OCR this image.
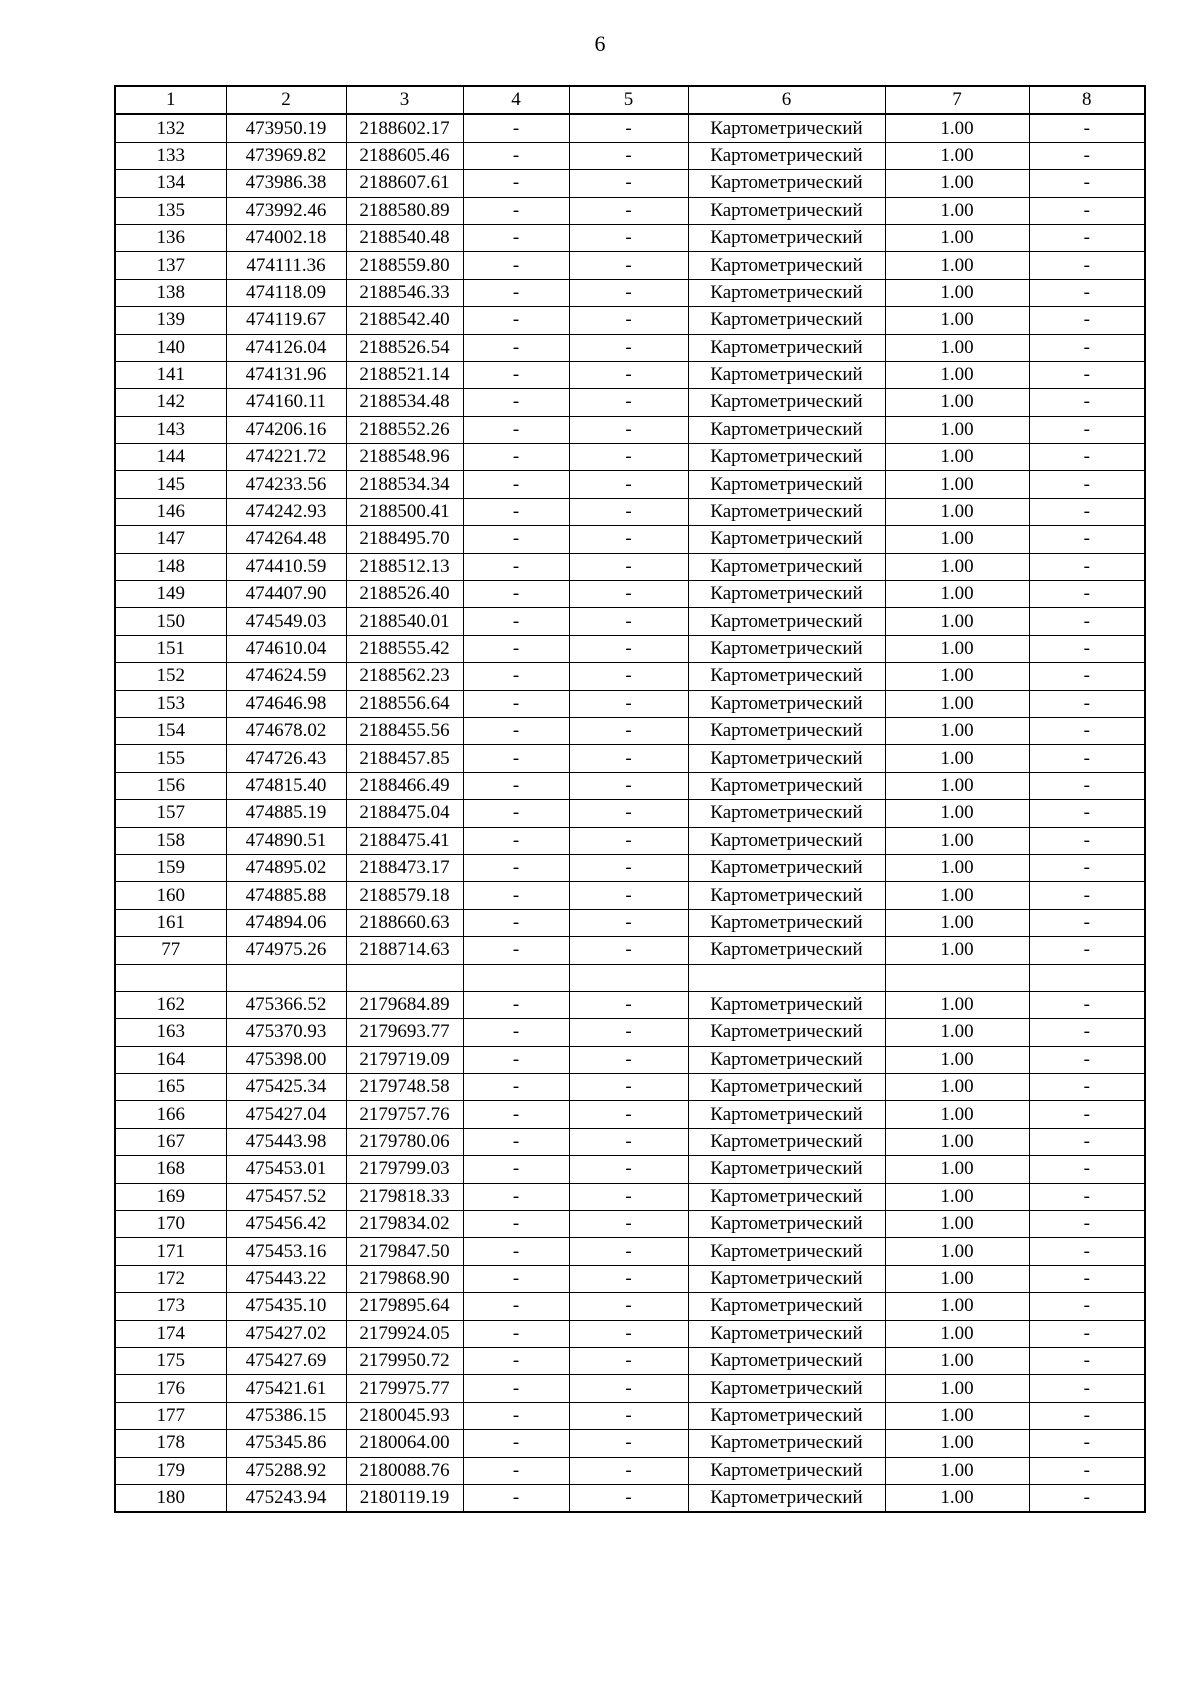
6
1	2	3	4	5	6	7	8
132	473950.19	2188602.17	-	-	Картометрический	1.00	-
133	473969.82	2188605.46	-	-	Картометрический	1.00	-
134	473986.38	2188607.61	-	-	Картометрический	1.00	-
135	473992.46	2188580.89	-	-	Картометрический	1.00	-
136	474002.18	2188540.48	-	-	Картометрический	1.00	-
137	474111.36	2188559.80	-	-	Картометрический	1.00	-
138	474118.09	2188546.33	-	-	Картометрический	1.00	-
139	474119.67	2188542.40	-	-	Картометрический	1.00	-
140	474126.04	2188526.54	-	-	Картометрический	1.00	-
141	474131.96	2188521.14	-	-	Картометрический	1.00	-
142	474160.11	2188534.48	-	-	Картометрический	1.00	-
143	474206.16	2188552.26	-	-	Картометрический	1.00	-
144	474221.72	2188548.96	-	-	Картометрический	1.00	-
145	474233.56	2188534.34	-	-	Картометрический	1.00	-
146	474242.93	2188500.41	-	-	Картометрический	1.00	-
147	474264.48	2188495.70	-	-	Картометрический	1.00	-
148	474410.59	2188512.13	-	-	Картометрический	1.00	-
149	474407.90	2188526.40	-	-	Картометрический	1.00	-
150	474549.03	2188540.01	-	-	Картометрический	1.00	-
151	474610.04	2188555.42	-	-	Картометрический	1.00	-
152	474624.59	2188562.23	-	-	Картометрический	1.00	-
153	474646.98	2188556.64	-	-	Картометрический	1.00	-
154	474678.02	2188455.56	-	-	Картометрический	1.00	-
155	474726.43	2188457.85	-	-	Картометрический	1.00	-
156	474815.40	2188466.49	-	-	Картометрический	1.00	-
157	474885.19	2188475.04	-	-	Картометрический	1.00	-
158	474890.51	2188475.41	-	-	Картометрический	1.00	-
159	474895.02	2188473.17	-	-	Картометрический	1.00	-
160	474885.88	2188579.18	-	-	Картометрический	1.00	-
161	474894.06	2188660.63	-	-	Картометрический	1.00	-
77	474975.26	2188714.63	-	-	Картометрический	1.00	-

162	475366.52	2179684.89	-	-	Картометрический	1.00	-
163	475370.93	2179693.77	-	-	Картометрический	1.00	-
164	475398.00	2179719.09	-	-	Картометрический	1.00	-
165	475425.34	2179748.58	-	-	Картометрический	1.00	-
166	475427.04	2179757.76	-	-	Картометрический	1.00	-
167	475443.98	2179780.06	-	-	Картометрический	1.00	-
168	475453.01	2179799.03	-	-	Картометрический	1.00	-
169	475457.52	2179818.33	-	-	Картометрический	1.00	-
170	475456.42	2179834.02	-	-	Картометрический	1.00	-
171	475453.16	2179847.50	-	-	Картометрический	1.00	-
172	475443.22	2179868.90	-	-	Картометрический	1.00	-
173	475435.10	2179895.64	-	-	Картометрический	1.00	-
174	475427.02	2179924.05	-	-	Картометрический	1.00	-
175	475427.69	2179950.72	-	-	Картометрический	1.00	-
176	475421.61	2179975.77	-	-	Картометрический	1.00	-
177	475386.15	2180045.93	-	-	Картометрический	1.00	-
178	475345.86	2180064.00	-	-	Картометрический	1.00	-
179	475288.92	2180088.76	-	-	Картометрический	1.00	-
180	475243.94	2180119.19	-	-	Картометрический	1.00	-
